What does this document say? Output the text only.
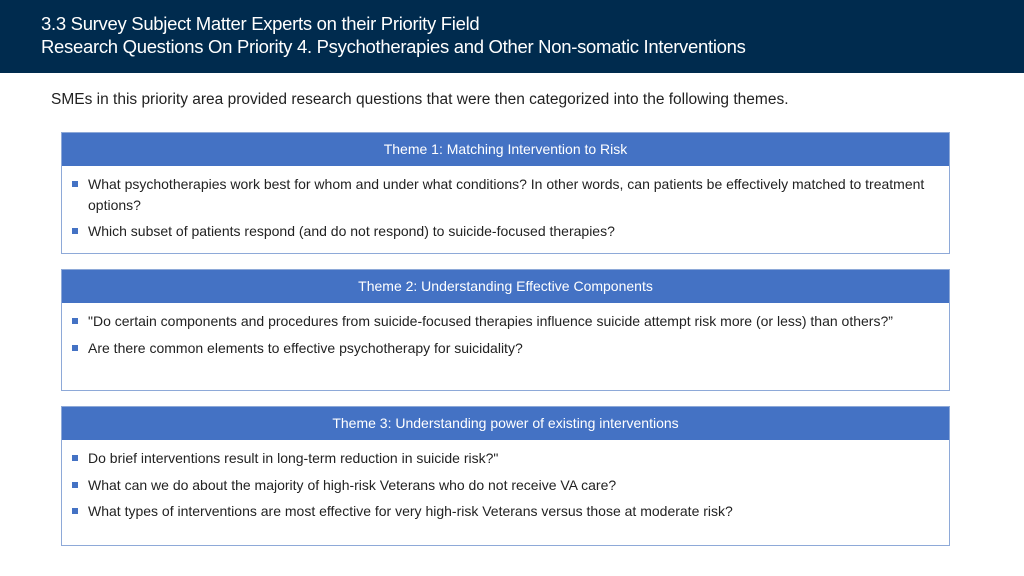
3.3 Survey Subject Matter Experts on their Priority Field
Research Questions On Priority 4. Psychotherapies and Other Non-somatic Interventions
SMEs in this priority area provided research questions that were then categorized into the following themes.
Theme 1: Matching Intervention to Risk
What psychotherapies work best for whom and under what conditions? In other words, can patients be effectively matched to treatment options?
Which subset of patients respond (and do not respond) to suicide-focused therapies?
Theme 2: Understanding Effective Components
"Do certain components and procedures from suicide-focused therapies influence suicide attempt risk more (or less) than others?”
Are there common elements to effective psychotherapy for suicidality?
Theme 3: Understanding power of existing interventions
Do brief interventions result in long-term reduction in suicide risk?"
What can we do about the majority of high-risk Veterans who do not receive VA care?
What types of interventions are most effective for very high-risk Veterans versus those at moderate risk?
